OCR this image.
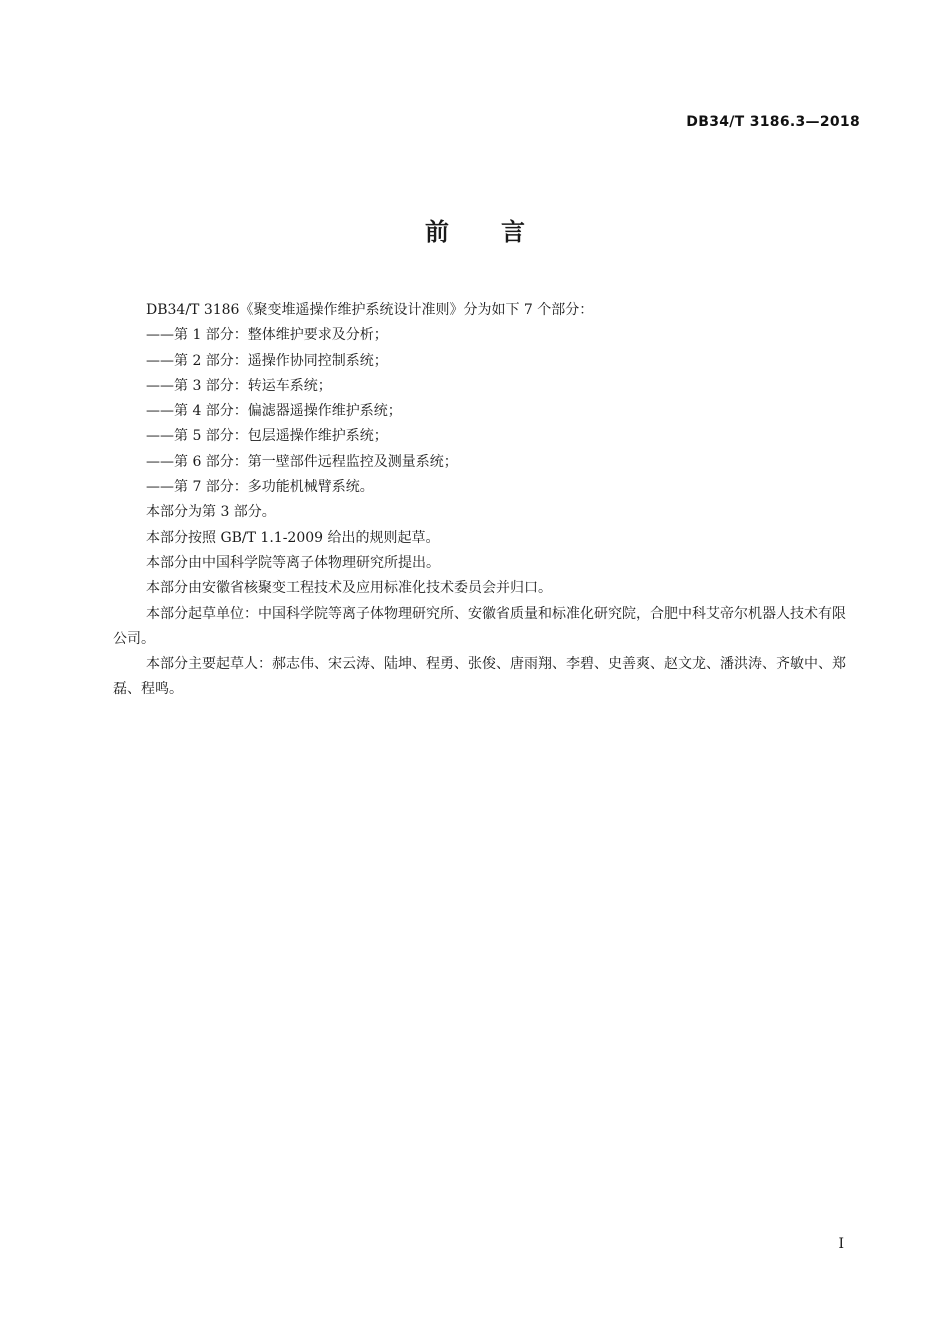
DB34/T 3186.3—2018
前言

DB34/T 3186《聚变堆遥操作维护系统设计准则》分为如下 7 个部分：

——第 1 部分：整体维护要求及分析；

——第 2 部分：遥操作协同控制系统；

——第 3 部分：转运车系统；

——第 4 部分：偏滤器遥操作维护系统；

——第 5 部分：包层遥操作维护系统；

——第 6 部分：第一壁部件远程监控及测量系统；

——第 7 部分：多功能机械臂系统。

本部分为第 3 部分。

本部分按照 GB/T 1.1-2009 给出的规则起草。

本部分由中国科学院等离子体物理研究所提出。

本部分由安徽省核聚变工程技术及应用标准化技术委员会并归口。

本部分起草单位：中国科学院等离子体物理研究所、安徽省质量和标准化研究院，合肥中科艾帝尔机器人技术有限公司。

本部分主要起草人：郝志伟、宋云涛、陆坤、程勇、张俊、唐雨翔、李碧、史善爽、赵文龙、潘洪涛、齐敏中、郑磊、程鸣。

I
